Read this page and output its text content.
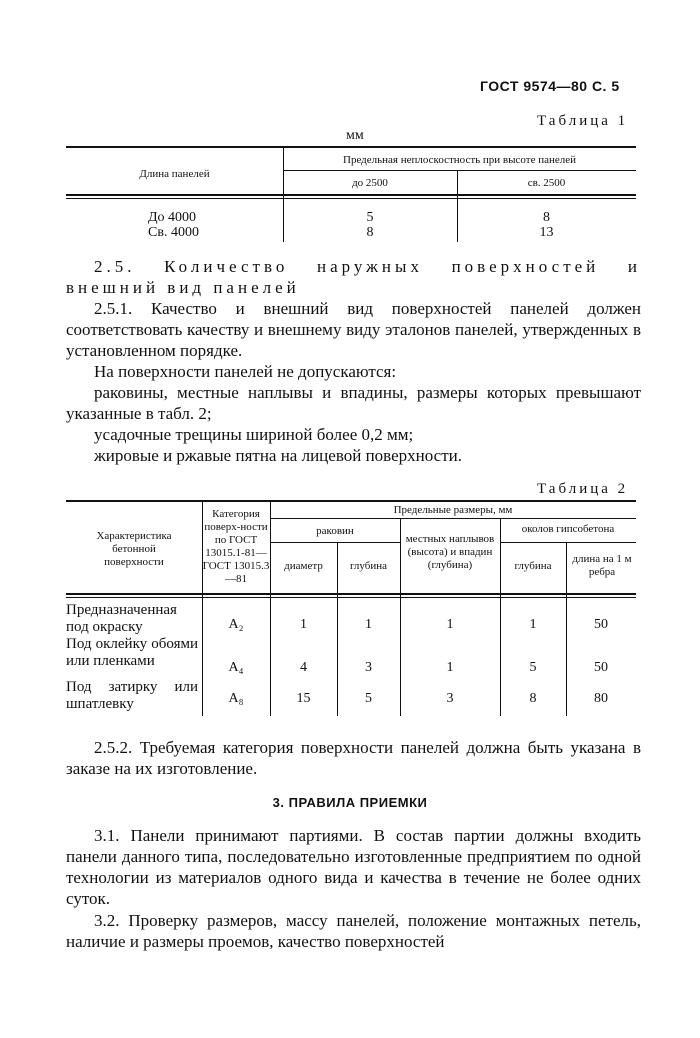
ГОСТ 9574—80 С. 5
Таблица 1
мм
Длина панелей
Предельная неплоскостность при высоте панелей
до 2500	св. 2500
До 4000	5	8
Св. 4000	8	13

2.5. Количество наружных поверхностей и

внешний вид панелей

2.5.1. Качество и внешний вид поверхностей панелей должен соответствовать качеству и внешнему виду эталонов панелей, утвержденных в установленном порядке.

На поверхности панелей не допускаются:

раковины, местные наплывы и впадины, размеры которых превышают указанные в табл. 2;

усадочные трещины шириной более 0,2 мм;

жировые и ржавые пятна на лицевой поверхности.

Таблица 2
Характеристика бетонной поверхности
Категория поверх-ности по ГОСТ 13015.1-81—ГОСТ 13015.3—81
Предельные размеры, мм
раковин
диаметр	глубина
местных наплывов (высота) и впадин (глубина)
околов гипсобетона
глубина
длина на 1 м ребра
Предназначенная под окраску	А₂	1	1	1	1	50
Под оклейку обоями или пленками	А₄	4	3	1	5	50
Под затирку или шпатлевку	А₈	15	5	3	8	80

2.5.2. Требуемая категория поверхности панелей должна быть указана в заказе на их изготовление.

3. ПРАВИЛА ПРИЕМКИ

3.1. Панели принимают партиями. В состав партии должны входить панели данного типа, последовательно изготовленные предприятием по одной технологии из материалов одного вида и качества в течение не более одних суток.

3.2. Проверку размеров, массу панелей, положение монтажных петель, наличие и размеры проемов, качество поверхностей
